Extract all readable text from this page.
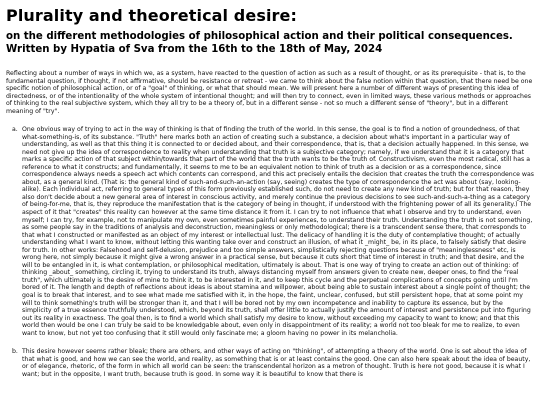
Plurality and theoretical desire:
on the different methodologies of philosophical action and their political consequences. Written by Hypatia of Sva from the 16th to the 18th of May, 2024

Reflecting about a number of ways in which we, as a system, have reacted to the question of action as such as a result of thought, or as its prerequisite - that is, to the fundamental question, if thought, if not affirmative, should be resistance or retreat - we came to think about the false notion within that question, that there need be one specific notion of philosophical action, or of a "goal" of thinking, or what that should mean. We will present here a number of different ways of presenting this idea of directedness, or of the intentionality of the whole system of intentional thought; and will then try to connect, even in limited ways, these various methods or approaches of thinking to the real subjective system, which they all try to be a theory of, but in a different sense - not so much a different sense of "theory", but in a different meaning of "try".

a. One obvious way of trying to act in the way of thinking is that of finding the truth of the world. In this sense, the goal is to find a notion of groundedness, of that what-something-is, of its substance. "Truth" here marks both an action of creating such a substance, a decision about what's important in a particular way of understanding, as well as that this thing it is connected to or decided about, and their correspondence, that is, that a decision actually happened. In this sense, we need not give up the idea of correspondence to reality when understanding that truth is a subjective category; namely, if we understand that it is a category that marks a specific action of that subject within/towards that part of the world that the truth wants to be the truth of. Constructivism, even the most radical, still has a reference to what it constructs; and fundamentally, it seems to me to be an equivalent notion to think of truth as a decision or as a correspondence, since correspondence always needs a speech act which contents can correspond, and this act precisely entails the decision that creates the truth the correspondence was about, as a general kind. (That is: the general kind of such-and-such-an-action (say, seeing) creates the type of correspondence the act was about (say, looking-alike). Each individual act, referring to general types of this form previously established such, do not need to create any new kind of truth; but for that reason, they also don't decide about a new general area of interest in conscious activity, and merely continue the previous decisions to see such-and-such-a-thing as a category of being-for-me, that is, they reproduce the manifestation that is the category of being in thought, if understood with the frightening power of all its generality.) The aspect of it that "creates" this reality can however at the same time distance it from it. I can try to not influence that what I observe and try to understand, even myself; I can try, for example, not to manipulate my own, even sometimes painful experiences, to understand their truth. Understanding the truth is not something, as some people say in the traditions of analysis and deconstruction, meaningless or only methodological; there is a transcendent sense there, that corresponds to that what I constructed or manifested as an object of my interest or intellectual lust. The delicacy of handling it is the duty of contemplative thought; of actually understanding what I want to know, without letting this wanting take over and construct an illusion, of what it _might_ be, in its place, to falsely satisfy that desire for truth. In other works: Falsehood and self-delusion, prejudice and too simple answers, simplistically rejecting questions because of "meaninglessness" etc, is wrong here, not simply because it might give a wrong answer in a practical sense, but because it cuts short that time of interest in truth; and that desire, and the will to be entangled in it, is what contemplation, or philosophical meditation, ultimately is about. That is one way of trying to create an action out of thinking: of thinking _about_ something, circling it, trying to understand its truth, always distancing myself from answers given to create new, deeper ones, to find the "real truth", which ultimately is the desire of mine to think it, to be interested in it, and to keep this cycle and the perpetual complications of concepts going until I'm bored of it. The length and depth of reflections about ideas is about stamina and willpower, about being able to sustain interest about a single point of thought; the goal is to break that interest, and to see what made me satisfied with it, in the hope, the faint, unclear, confused, but still persistent hope, that at some point my will to think something's truth will be stronger than it, and that I will be bored not by my own incompetence and inability to capture its essence, but by the simplicity of a true essence truthfully understood, which, beyond its truth, shall offer little to actually justify the amount of interest and persistence put into figuring out its reality in exactness. The goal then, is to find a world which shall satisfy my desire to know, without exceeding my capacity to want to know; and that this world then would be one I can truly be said to be knowledgable about, even only in disappointment of its reality; a world not too bleak for me to realize, to even want to know, but not yet too confusing that it still would only fascinate me; a gloom having no power in its melancholia.
b. This desire however seems rather bleak; there are others, and other ways of acting on "thinking", of attempting a theory of the world. One is set about the idea of that what is good, and how we can see the world, and reality, as something that is or at least contains the good. One can also here speak about the idea of beauty, or of elegance, rhetoric, of the form in which all world can be seen: the transcendental horizon as a metron of thought. Truth is here not good, because it is what I want; but in the opposite, I want truth, because truth is good. In some way it is beautiful to know that there is
